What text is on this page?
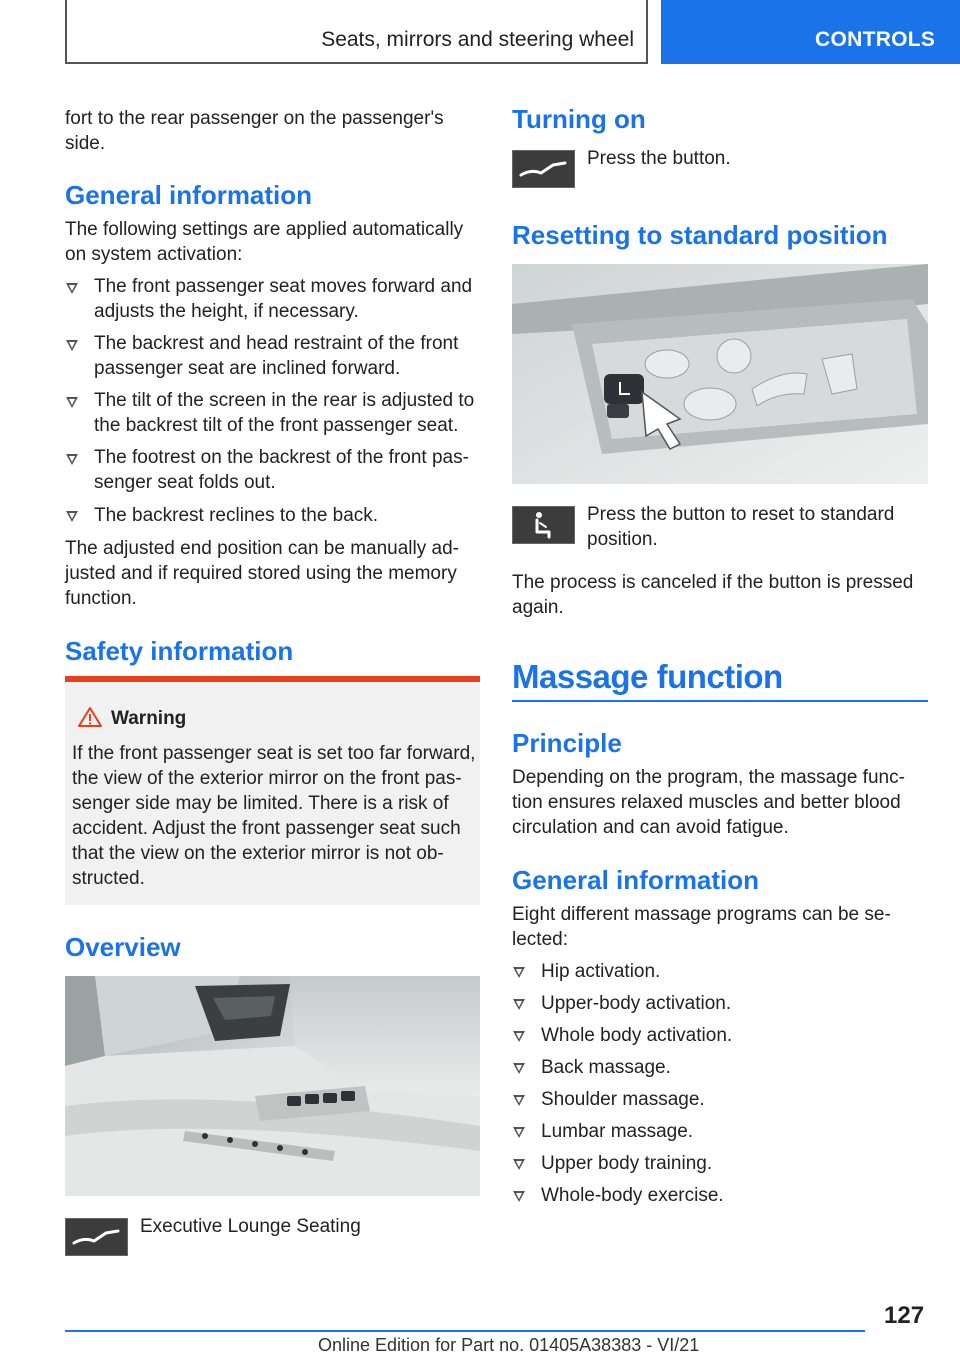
Seats, mirrors and steering wheel	CONTROLS
fort to the rear passenger on the passenger's
side.
General information
The following settings are applied automatically
on system activation:
The front passenger seat moves forward and
adjusts the height, if necessary.
The backrest and head restraint of the front
passenger seat are inclined forward.
The tilt of the screen in the rear is adjusted to
the backrest tilt of the front passenger seat.
The footrest on the backrest of the front pas-
senger seat folds out.
The backrest reclines to the back.
The adjusted end position can be manually ad-
justed and if required stored using the memory
function.
Safety information
Warning
If the front passenger seat is set too far forward,
the view of the exterior mirror on the front pas-
senger side may be limited. There is a risk of
accident. Adjust the front passenger seat such
that the view on the exterior mirror is not ob-
structed.
Overview
Executive Lounge Seating
Turning on
Press the button.
Resetting to standard position
Press the button to reset to standard
position.
The process is canceled if the button is pressed
again.
Massage function
Principle
Depending on the program, the massage func-
tion ensures relaxed muscles and better blood
circulation and can avoid fatigue.
General information
Eight different massage programs can be se-
lected:
Hip activation.
Upper-body activation.
Whole body activation.
Back massage.
Shoulder massage.
Lumbar massage.
Upper body training.
Whole-body exercise.
127
Online Edition for Part no. 01405A38383 - VI/21
